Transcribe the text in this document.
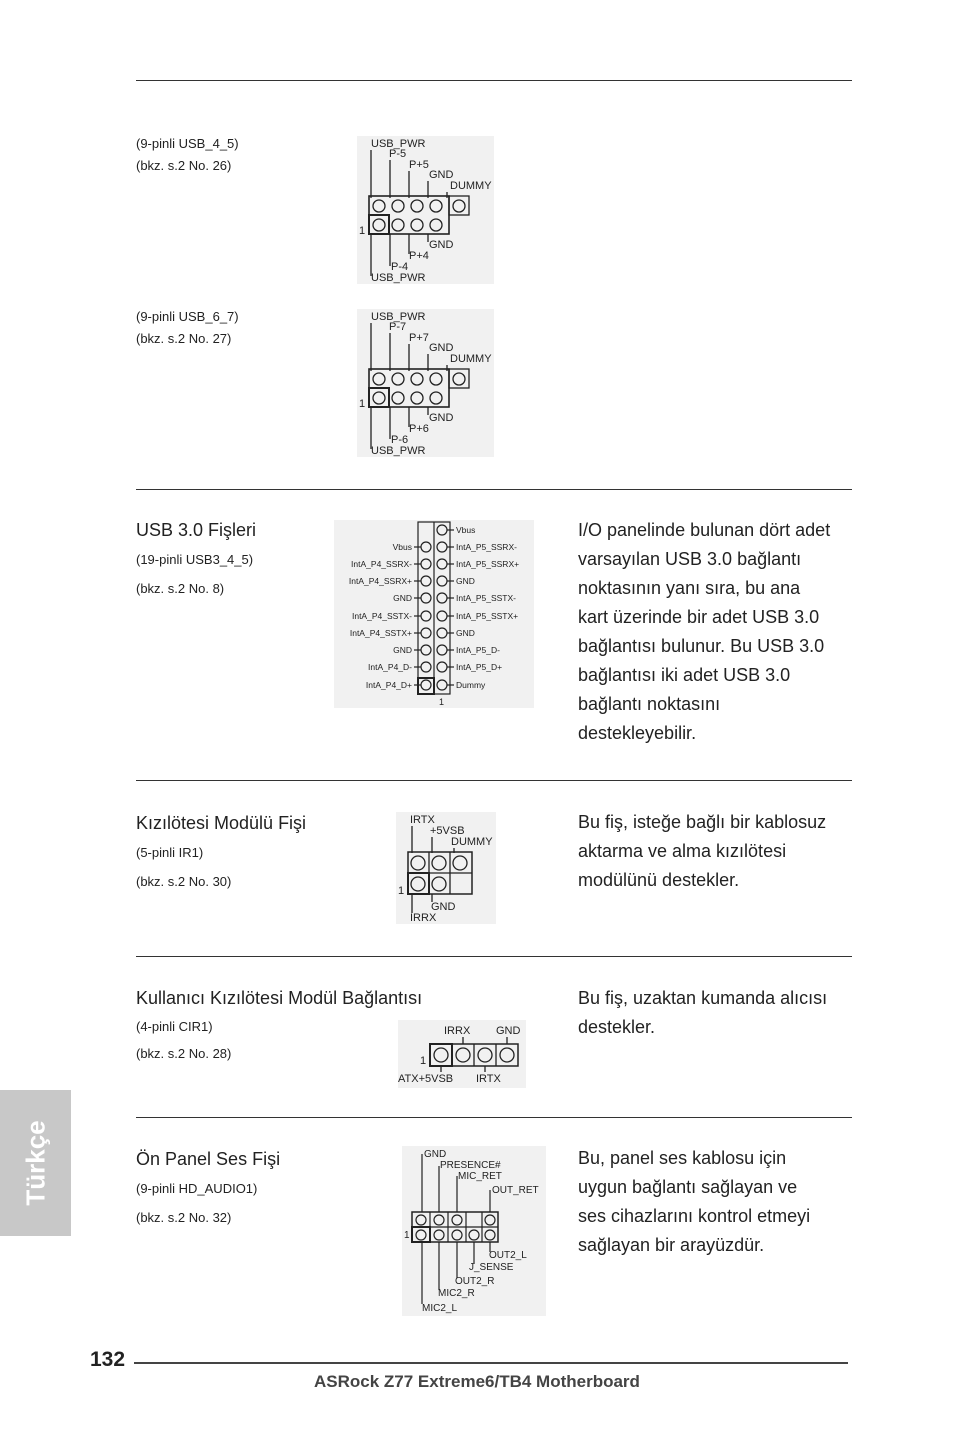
(9-pinli USB_4_5)
(bkz. s.2 No. 26)
USB_PWR
P-5
P+5
GND
DUMMY
1
GND
P+4
P-4
USB_PWR
(9-pinli USB_6_7)
(bkz. s.2 No. 27)
USB_PWR
P-7
P+7
GND
DUMMY
1
GND
P+6
P-6
USB_PWR
USB 3.0 Fişleri
(19-pinli USB3_4_5)
(bkz. s.2 No. 8)
Vbus
IntA_P5_SSRX-
IntA_P5_SSRX+
GND
IntA_P5_SSTX-
IntA_P5_SSTX+
GND
IntA_P5_D-
IntA_P5_D+
Dummy
Vbus
IntA_P4_SSRX-
IntA_P4_SSRX+
GND
IntA_P4_SSTX-
IntA_P4_SSTX+
GND
IntA_P4_D-
IntA_P4_D+
1
I/O panelinde bulunan dört adet
varsayılan USB 3.0 bağlantı
noktasının yanı sıra, bu ana
kart üzerinde bir adet USB 3.0
bağlantısı bulunur. Bu USB 3.0
bağlantısı iki adet USB 3.0
bağlantı noktasını
destekleyebilir.
Kızılötesi Modülü Fişi
(5-pinli IR1)
(bkz. s.2 No. 30)
IRTX
+5VSB
DUMMY
1
GND
IRRX
Bu fiş, isteğe bağlı bir kablosuz
aktarma ve alma kızılötesi
modülünü destekler.
Kullanıcı Kızılötesi Modül Bağlantısı
(4-pinli CIR1)
(bkz. s.2 No. 28)
IRRX GND
1
ATX+5VSB IRTX
Bu fiş, uzaktan kumanda alıcısı
destekler.
Ön Panel Ses Fişi
(9-pinli HD_AUDIO1)
(bkz. s.2 No. 32)
GND
PRESENCE#
MIC_RET
OUT_RET
1
OUT2_L
J_SENSE
OUT2_R
MIC2_R
MIC2_L
Bu, panel ses kablosu için
uygun bağlantı sağlayan ve
ses cihazlarını kontrol etmeyi
sağlayan bir arayüzdür.
Türkçe
132
ASRock Z77 Extreme6/TB4 Motherboard
